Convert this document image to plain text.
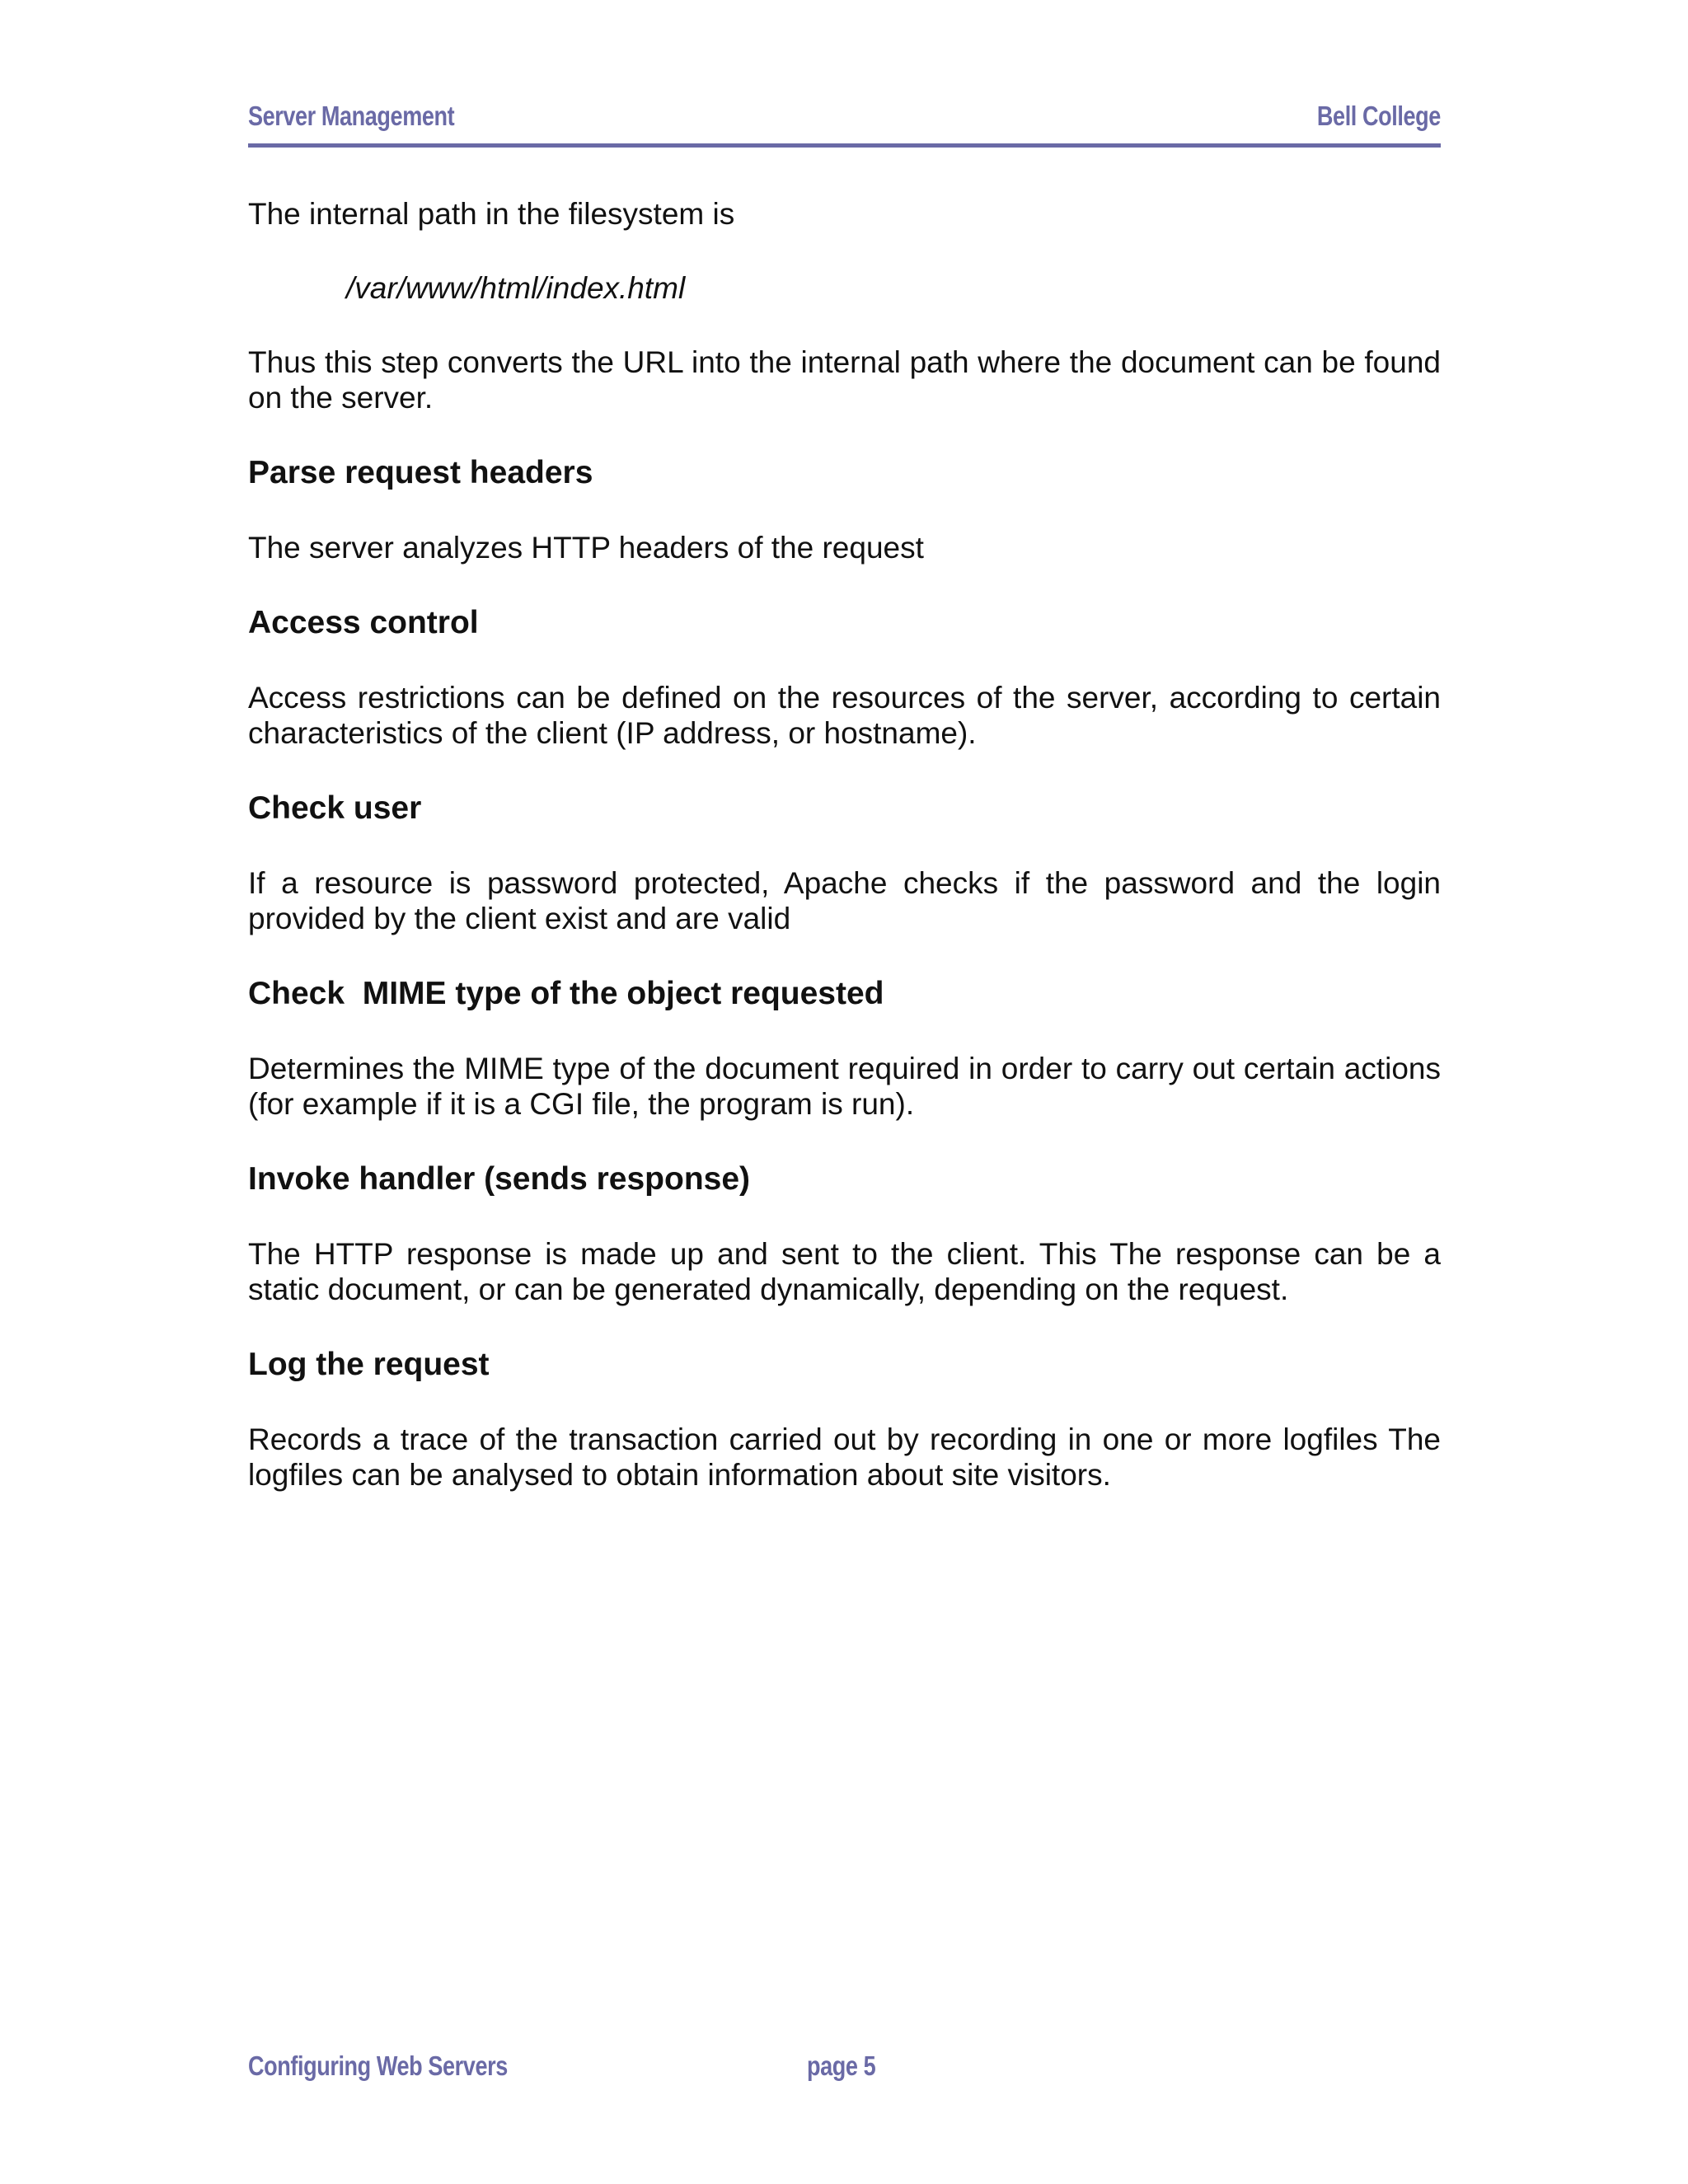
Server Management	Bell College

The internal path in the filesystem is

/var/www/html/index.html

Thus this step converts the URL into the internal path where the document can be found on the server.

Parse request headers

The server analyzes HTTP headers of the request

Access control

Access restrictions can be defined on the resources of the server, according to certain characteristics of the client (IP address, or hostname).

Check user

If a resource is password protected, Apache checks if the password and the login provided by the client exist and are valid

Check  MIME type of the object requested

Determines the MIME type of the document required in order to carry out certain actions (for example if it is a CGI file, the program is run).

Invoke handler (sends response)

The HTTP response is made up and sent to the client. This The response can be a static document, or can be generated dynamically, depending on the request.

Log the request

Records a trace of the transaction carried out by recording in one or more logfiles The logfiles can be analysed to obtain information about site visitors.

Configuring Web Servers	page 5
